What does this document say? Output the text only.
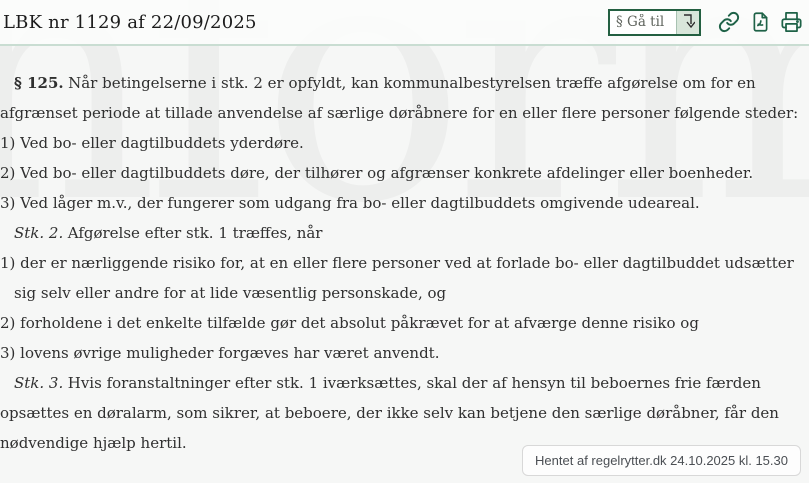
LBK nr 1129 af 22/09/2025
§ Gå til

§ 125. Når betingelserne i stk. 2 er opfyldt, kan kommunalbestyrelsen træffe afgørelse om for en afgrænset periode at tillade anvendelse af særlige døråbnere for en eller flere personer følgende steder:

1) Ved bo- eller dagtilbuddets yderdøre.

2) Ved bo- eller dagtilbuddets døre, der tilhører og afgrænser konkrete afdelinger eller boenheder.

3) Ved låger m.v., der fungerer som udgang fra bo- eller dagtilbuddets omgivende udeareal.

Stk. 2. Afgørelse efter stk. 1 træffes, når

1) der er nærliggende risiko for, at en eller flere personer ved at forlade bo- eller dagtilbuddet udsætter sig selv eller andre for at lide væsentlig personskade, og

2) forholdene i det enkelte tilfælde gør det absolut påkrævet for at afværge denne risiko og

3) lovens øvrige muligheder forgæves har været anvendt.

Stk. 3. Hvis foranstaltninger efter stk. 1 iværksættes, skal der af hensyn til beboernes frie færden opsættes en døralarm, som sikrer, at beboere, der ikke selv kan betjene den særlige døråbner, får den nødvendige hjælp hertil.

Hentet af regelrytter.dk 24.10.2025 kl. 15.30
